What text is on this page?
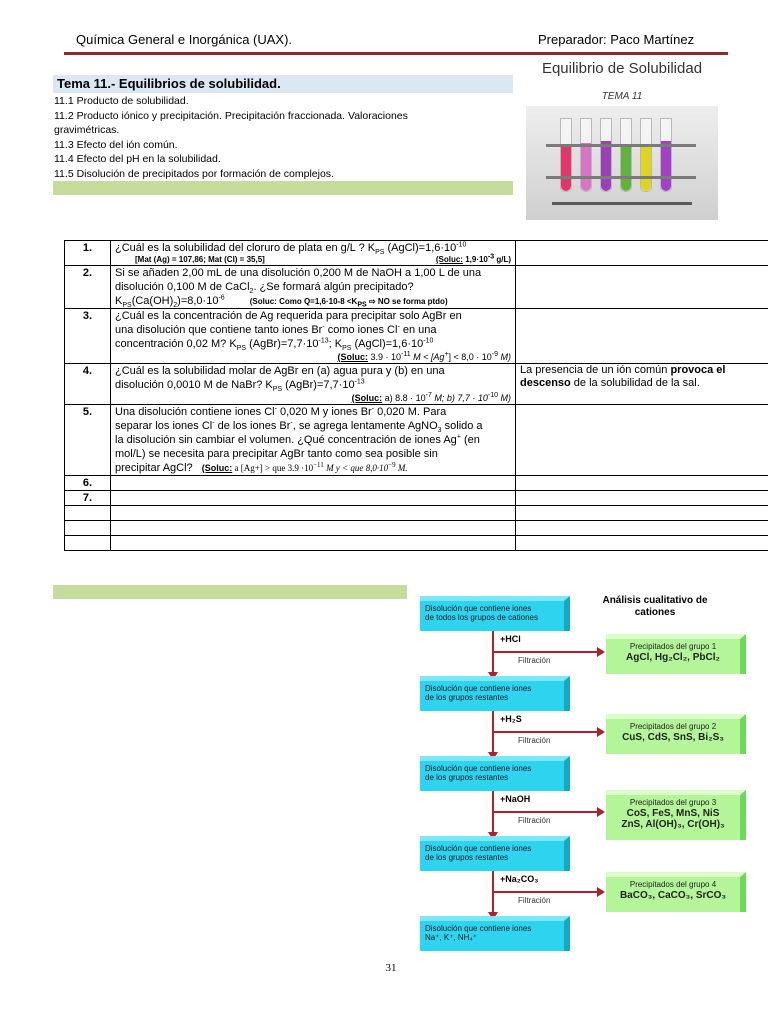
Química General e Inorgánica (UAX).	Preparador: Paco Martínez
Tema 11.- Equilibrios de solubilidad.
11.1 Producto de solubilidad.
11.2 Producto iónico y precipitación. Precipitación fraccionada. Valoraciones
gravimétricas.
11.3 Efecto del ión común.
11.4 Efecto del pH en la solubilidad.
11.5 Disolución de precipitados por formación de complejos.
Equilibrio de Solubilidad
TEMA 11
1.	¿Cuál es la solubilidad del cloruro de plata en g/L ? $K_{PS}$ $(AgCl)=1,6\cdot 10^{-10}$
[Mat (Ag) = 107,86; Mat (Cl) = 35,5] (Soluc: 1,9·10-3 g/L)	

2.	Si se añaden 2,00 mL de una disolución 0,200 M de NaOH a 1,00 L de una
disolución 0,100 M de CaCl$_2$. ¿Se formará algún precipitado?
$K_{PS}(Ca(OH)_2)=8,0\cdot 10^{-6}$ (Soluc: Como Q=1,6·10-8 <KPS ⇨ NO se forma ptdo)	

3.	¿Cuál es la concentración de Ag requerida para precipitar solo AgBr en
una disolución que contiene tanto iones Br- como iones Cl- en una
concentración 0,02 M? $K_{PS}$ $(AgBr)=7,7\cdot 10^{-13}$; $K_{PS}$ $(AgCl)=1,6\cdot 10^{-10}$
(Soluc: $3.9 \cdot 10^{-11}$ $M < [Ag^+] < 8,0 \cdot 10^{-9}$ M)	

4.	¿Cuál es la solubilidad molar de AgBr en (a) agua pura y (b) en una
disolución 0,0010 M de NaBr? $K_{PS}$ $(AgBr)=7,7\cdot 10^{-13}$
(Soluc: a) $8.8 \cdot 10^{-7}$ M; b) $7,7 \cdot 10^{-10}$ M)	La presencia de un ión común provoca el descenso de la solubilidad de la sal.
5.	Una disolución contiene iones Cl- 0,020 M y iones Br- 0,020 M. Para
separar los iones Cl- de los iones Br-, se agrega lentamente AgNO$_3$ solido a
la disolución sin cambiar el volumen. ¿Qué concentración de iones Ag+ (en
mol/L) se necesita para precipitar AgBr tanto como sea posible sin
precipitar AgCl? (Soluc: a [Ag+] > que $3.9 \cdot 10^{-11}$ M y < que $8,0\cdot 10^{-9}$ M.	

6.		
7.		

Análisis cualitativo de cationes
Disolución que contiene iones
de todos los grupos de cationes
Disolución que contiene iones
de los grupos restantes
Disolución que contiene iones
de los grupos restantes
Disolución que contiene iones
de los grupos restantes
Disolución que contiene iones
Na⁺, K⁺, NH₄⁺
+HCl
+H₂S
+NaOH
+Na₂CO₃
Filtración
Filtración
Filtración
Filtración
Precipitados del grupo 1
AgCl, Hg₂Cl₂, PbCl₂
Precipitados del grupo 2
CuS, CdS, SnS, Bi₂S₃
Precipitados del grupo 3
CoS, FeS, MnS, NiS
ZnS, Al(OH)₃, Cr(OH)₃
Precipitados del grupo 4
BaCO₃, CaCO₃, SrCO₃
31
